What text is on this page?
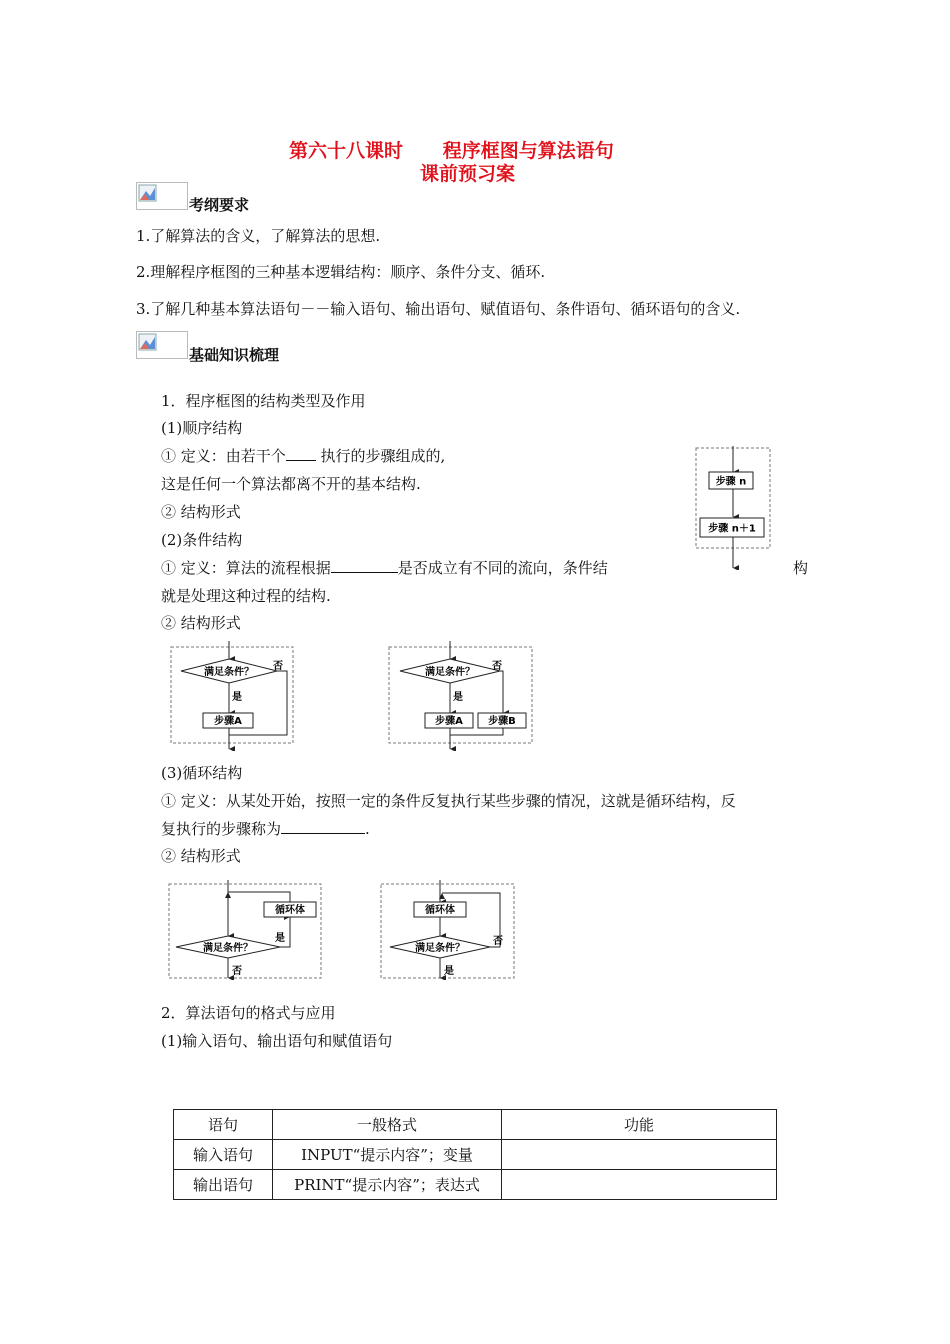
第六十八课时      程序框图与算法语句
课前预习案
考纲要求
1.了解算法的含义，了解算法的思想.
2.理解程序框图的三种基本逻辑结构：顺序、条件分支、循环.
3.了解几种基本算法语句－－输入语句、输出语句、赋值语句、条件语句、循环语句的含义.
基础知识梳理
1．程序框图的结构类型及作用
(1)顺序结构
① 定义：由若干个 执行的步骤组成的,
这是任何一个算法都离不开的基本结构.
② 结构形式
步骤 n
步骤 n＋1
(2)条件结构
① 定义：算法的流程根据	是否成立有不同的流向，条件结	构
就是处理这种过程的结构.
② 结构形式
满足条件？
否
是
步骤A
满足条件？
否
是
步骤A	步骤B
(3)循环结构
① 定义：从某处开始，按照一定的条件反复执行某些步骤的情况，这就是循环结构，反
复执行的步骤称为	.
② 结构形式
满足条件？
是
循环体
否
循环体
满足条件？
否
是
2．算法语句的格式与应用
(1)输入语句、输出语句和赋值语句
语句	一般格式	功能
输入语句	INPUT“提示内容”；变量	
输出语句	PRINT“提示内容”；表达式	
